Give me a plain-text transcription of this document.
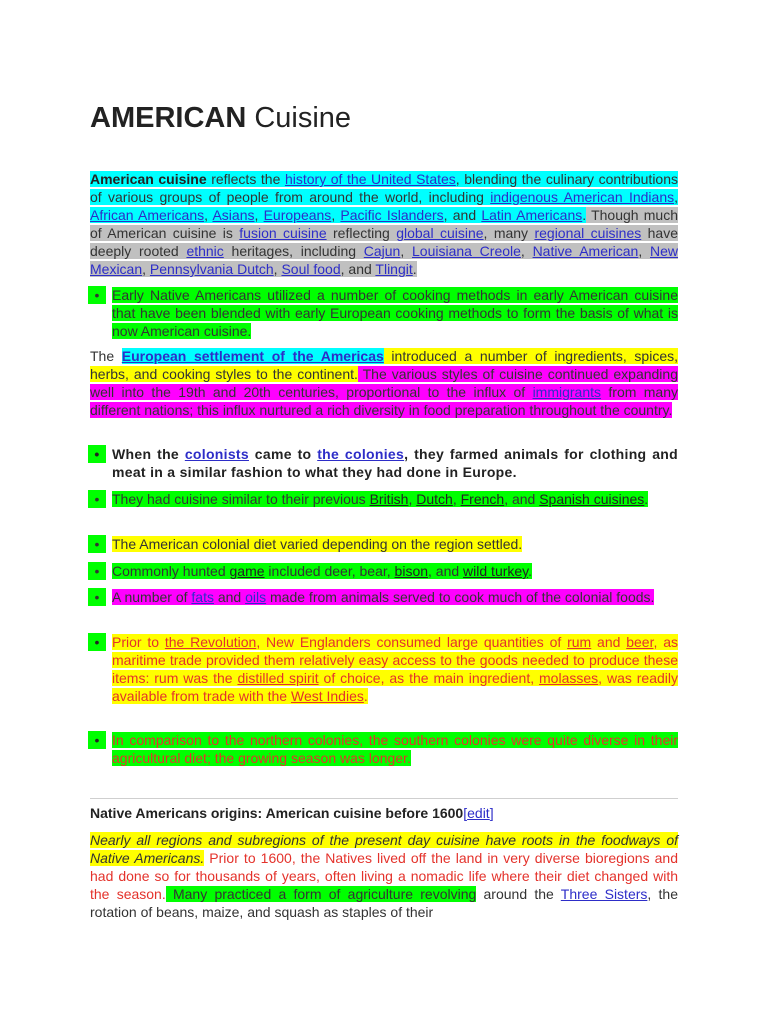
AMERICAN Cuisine

American cuisine reflects the history of the United States, blending the culinary contributions of various groups of people from around the world, including indigenous American Indians, African Americans, Asians, Europeans, Pacific Islanders, and Latin Americans. Though much of American cuisine is fusion cuisine reflecting global cuisine, many regional cuisines have deeply rooted ethnic heritages, including Cajun, Louisiana Creole, Native American, New Mexican, Pennsylvania Dutch, Soul food, and Tlingit.

• Early Native Americans utilized a number of cooking methods in early American cuisine that have been blended with early European cooking methods to form the basis of what is now American cuisine.

The European settlement of the Americas introduced a number of ingredients, spices, herbs, and cooking styles to the continent. The various styles of cuisine continued expanding well into the 19th and 20th centuries, proportional to the influx of immigrants from many different nations; this influx nurtured a rich diversity in food preparation throughout the country.

• When the colonists came to the colonies, they farmed animals for clothing and meat in a similar fashion to what they had done in Europe.
• They had cuisine similar to their previous British, Dutch, French, and Spanish cuisines.
• The American colonial diet varied depending on the region settled.
• Commonly hunted game included deer, bear, bison, and wild turkey.
• A number of fats and oils made from animals served to cook much of the colonial foods.
• Prior to the Revolution, New Englanders consumed large quantities of rum and beer, as maritime trade provided them relatively easy access to the goods needed to produce these items: rum was the distilled spirit of choice, as the main ingredient, molasses, was readily available from trade with the West Indies.
• In comparison to the northern colonies, the southern colonies were quite diverse in their agricultural diet; the growing season was longer.
Native Americans origins: American cuisine before 1600[edit]

Nearly all regions and subregions of the present day cuisine have roots in the foodways of Native Americans. Prior to 1600, the Natives lived off the land in very diverse bioregions and had done so for thousands of years, often living a nomadic life where their diet changed with the season. Many practiced a form of agriculture revolving around the Three Sisters, the rotation of beans, maize, and squash as staples of their
